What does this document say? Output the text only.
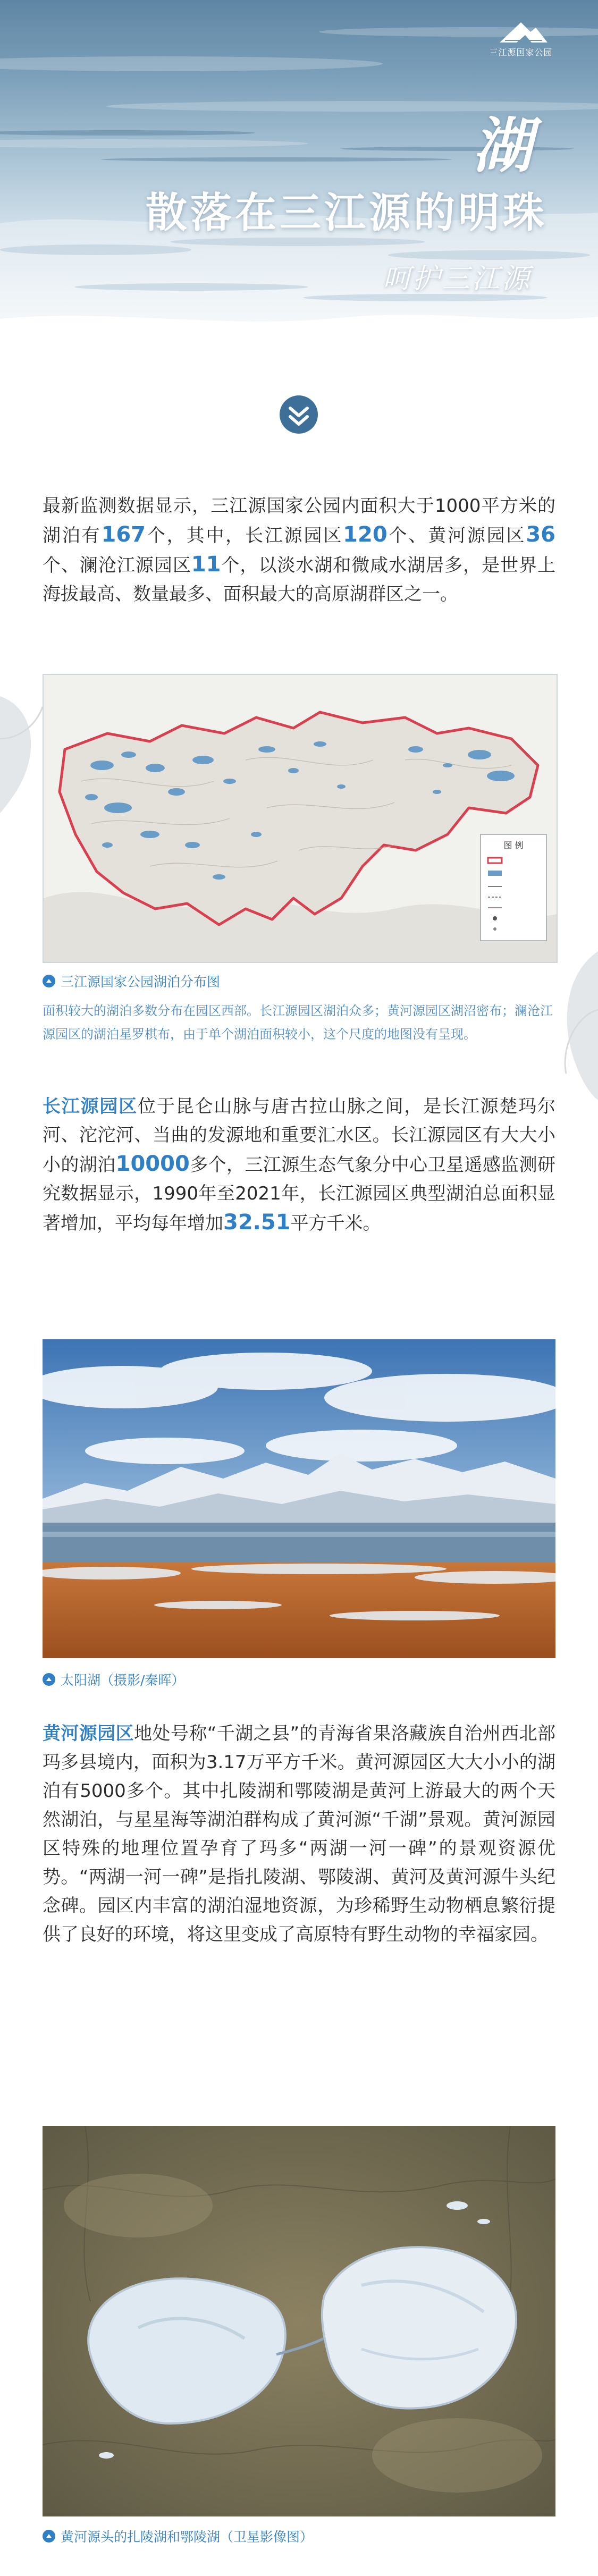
三江源国家公园
湖
散落在三江源的明珠
呵护三江源
最新监测数据显示，三江源国家公园内面积大于1000平方米的湖泊有167个，其中，长江源园区120个、黄河源园区36个、澜沧江源园区11个，以淡水湖和微咸水湖居多，是世界上海拔最高、数量最多、面积最大的高原湖群区之一。
图 例
三江源国家公园湖泊分布图
面积较大的湖泊多数分布在园区西部。长江源园区湖泊众多；黄河源园区湖沼密布；澜沧江源园区的湖泊星罗棋布，由于单个湖泊面积较小，这个尺度的地图没有呈现。
长江源园区位于昆仑山脉与唐古拉山脉之间，是长江源楚玛尔河、沱沱河、当曲的发源地和重要汇水区。长江源园区有大大小小的湖泊10000多个，三江源生态气象分中心卫星遥感监测研究数据显示，1990年至2021年，长江源园区典型湖泊总面积显著增加，平均每年增加32.51平方千米。
太阳湖（摄影/秦晖）
黄河源园区地处号称“千湖之县”的青海省果洛藏族自治州西北部玛多县境内，面积为3.17万平方千米。黄河源园区大大小小的湖泊有5000多个。其中扎陵湖和鄂陵湖是黄河上游最大的两个天然湖泊，与星星海等湖泊群构成了黄河源“千湖”景观。黄河源园区特殊的地理位置孕育了玛多“两湖一河一碑”的景观资源优势。“两湖一河一碑”是指扎陵湖、鄂陵湖、黄河及黄河源牛头纪念碑。园区内丰富的湖泊湿地资源，为珍稀野生动物栖息繁衍提供了良好的环境，将这里变成了高原特有野生动物的幸福家园。
黄河源头的扎陵湖和鄂陵湖（卫星影像图）
